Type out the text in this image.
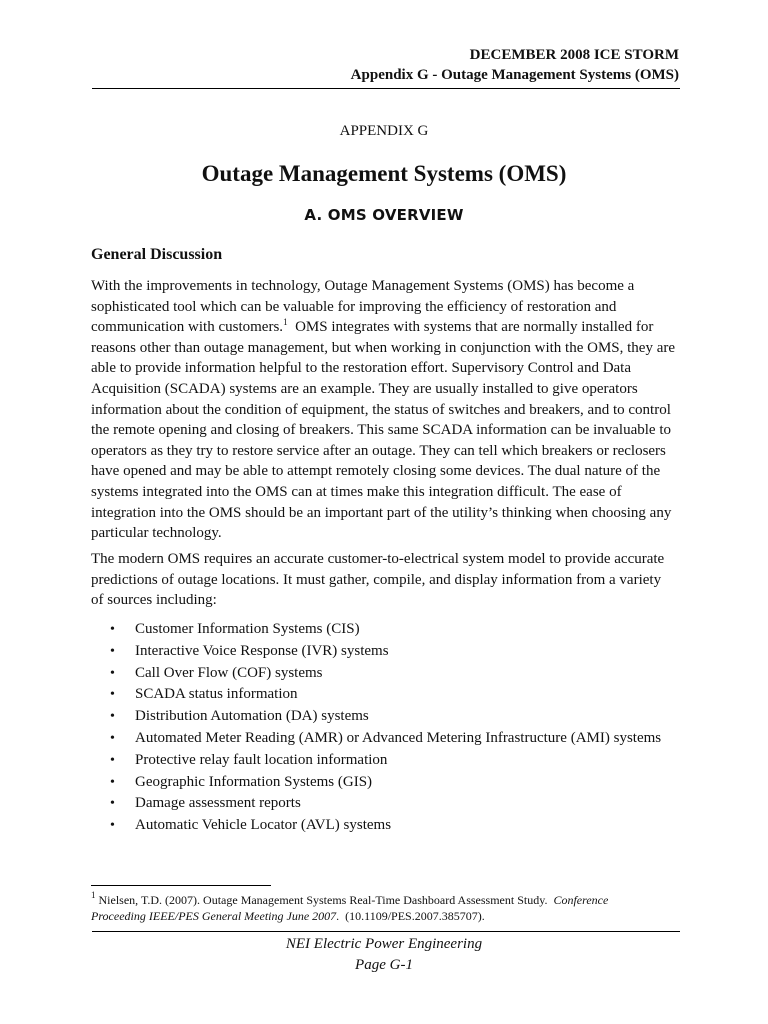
DECEMBER 2008 ICE STORM
Appendix G - Outage Management Systems (OMS)
APPENDIX G
Outage Management Systems (OMS)
A. OMS OVERVIEW
General Discussion
With the improvements in technology, Outage Management Systems (OMS) has become a
sophisticated tool which can be valuable for improving the efficiency of restoration and
communication with customers.$^1$  OMS integrates with systems that are normally installed for
reasons other than outage management, but when working in conjunction with the OMS, they are
able to provide information helpful to the restoration effort. Supervisory Control and Data
Acquisition (SCADA) systems are an example. They are usually installed to give operators
information about the condition of equipment, the status of switches and breakers, and to control
the remote opening and closing of breakers. This same SCADA information can be invaluable to
operators as they try to restore service after an outage. They can tell which breakers or reclosers
have opened and may be able to attempt remotely closing some devices. The dual nature of the
systems integrated into the OMS can at times make this integration difficult. The ease of
integration into the OMS should be an important part of the utility’s thinking when choosing any
particular technology.
The modern OMS requires an accurate customer-to-electrical system model to provide accurate
predictions of outage locations. It must gather, compile, and display information from a variety
of sources including:
• Customer Information Systems (CIS)
• Interactive Voice Response (IVR) systems
• Call Over Flow (COF) systems
• SCADA status information
• Distribution Automation (DA) systems
• Automated Meter Reading (AMR) or Advanced Metering Infrastructure (AMI) systems
• Protective relay fault location information
• Geographic Information Systems (GIS)
• Damage assessment reports
• Automatic Vehicle Locator (AVL) systems
$^1$ Nielsen, T.D. (2007). Outage Management Systems Real-Time Dashboard Assessment Study.  Conference
Proceeding IEEE/PES General Meeting June 2007.  (10.1109/PES.2007.385707).
NEI Electric Power Engineering
Page G-1
